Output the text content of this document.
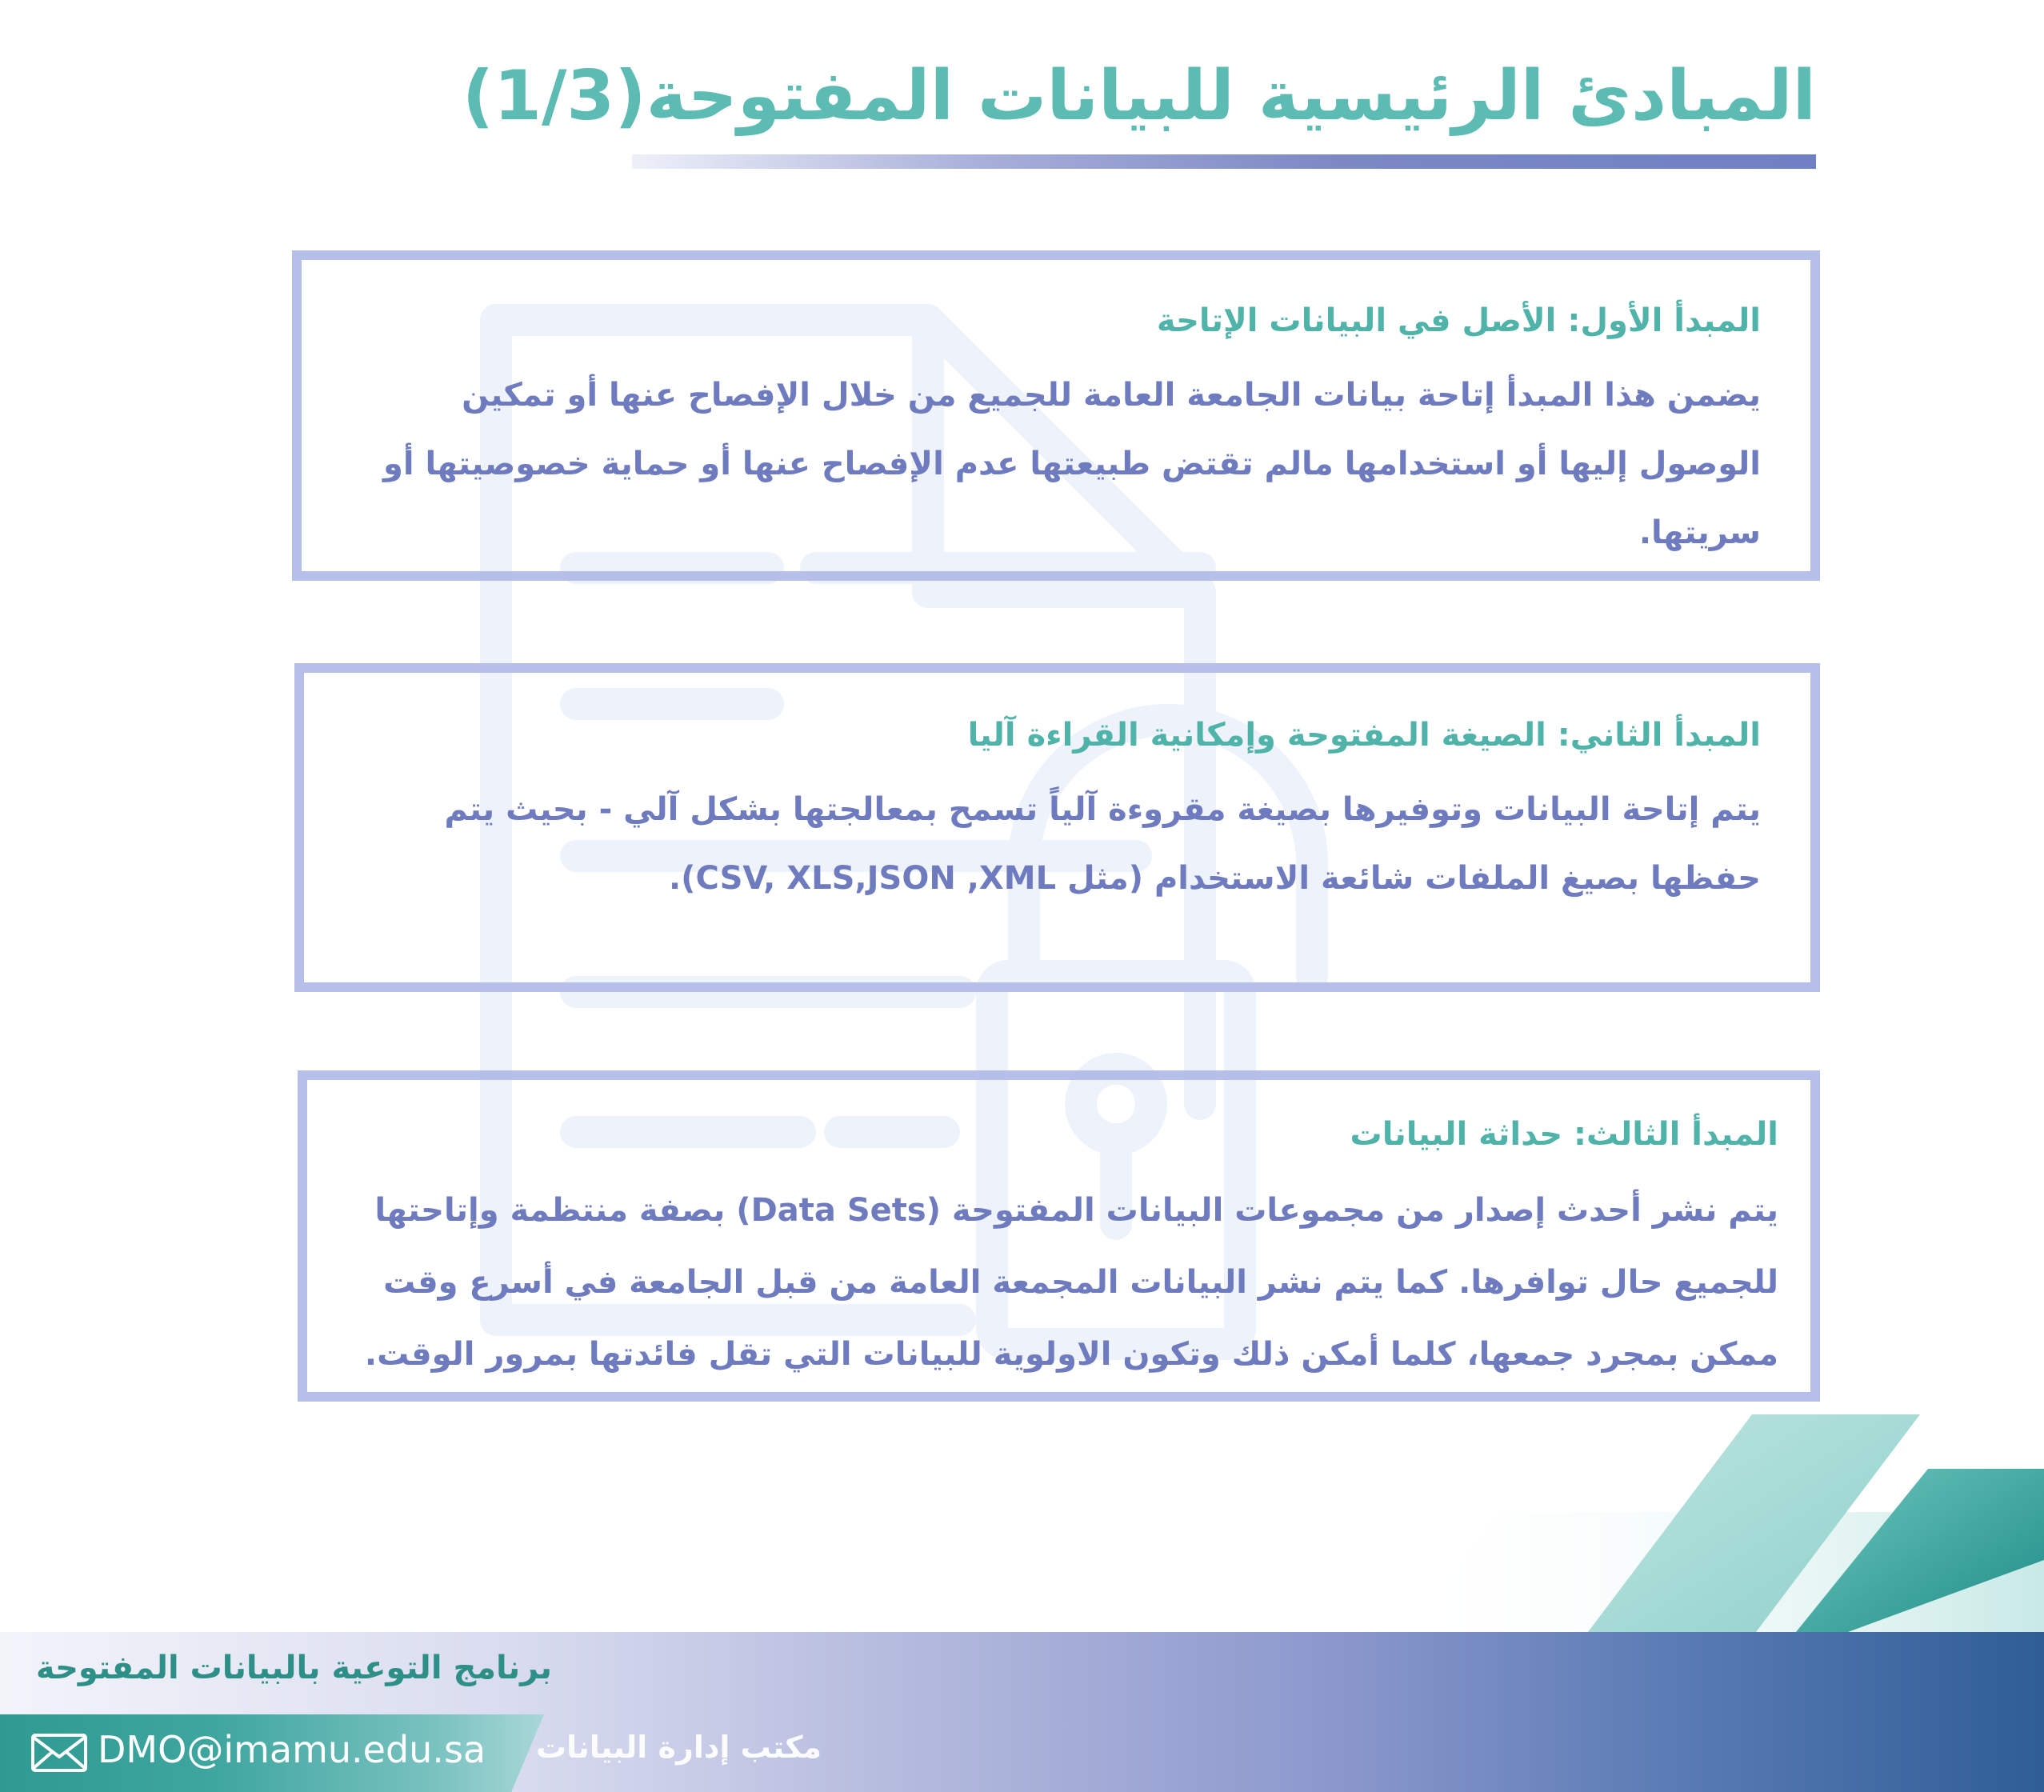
المبادئ الرئيسية للبيانات المفتوحة(1/3)
المبدأ الأول: الأصل في البيانات الإتاحة

يضمن هذا المبدأ إتاحة بيانات الجامعة العامة للجميع من خلال الإفصاح عنها أو تمكين الوصول إليها أو استخدامها مالم تقتض طبيعتها عدم الإفصاح عنها أو حماية خصوصيتها أو سريتها.

المبدأ الثاني: الصيغة المفتوحة وإمكانية القراءة آليا

يتم إتاحة البيانات وتوفيرها بصيغة مقروءة آلياً تسمح بمعالجتها بشكل آلي - بحيث يتم حفظها بصيغ الملفات شائعة الاستخدام (مثل CSV, XLS,JSON ,XML).

المبدأ الثالث: حداثة البيانات

يتم نشر أحدث إصدار من مجموعات البيانات المفتوحة (Data Sets) بصفة منتظمة وإتاحتها للجميع حال توافرها. كما يتم نشر البيانات المجمعة العامة من قبل الجامعة في أسرع وقت ممكن بمجرد جمعها، كلما أمكن ذلك وتكون الاولوية للبيانات التي تقل فائدتها بمرور الوقت.

برنامج التوعية بالبيانات المفتوحة

DMO@imamu.edu.sa مكتب إدارة البيانات
